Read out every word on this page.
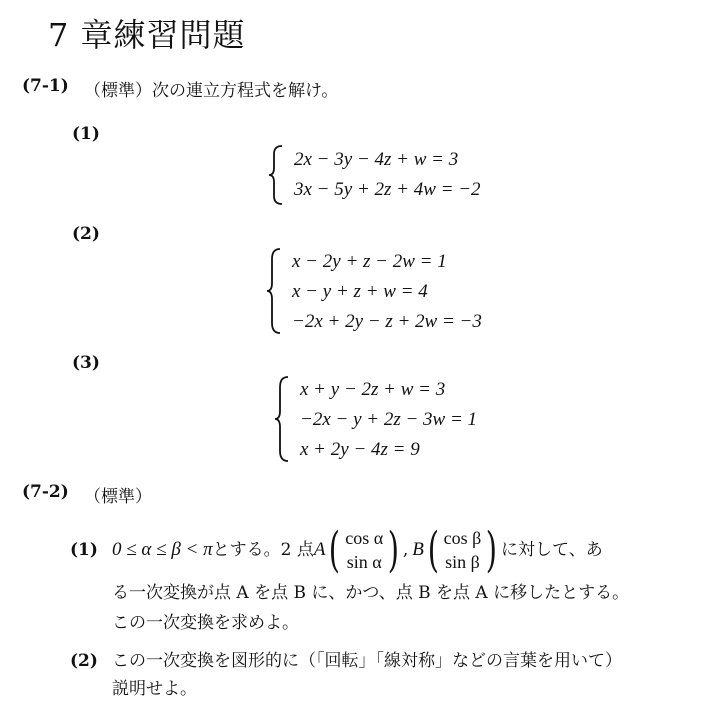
7 章練習問題
(7-1) （標準）次の連立方程式を解け。
(1)
2x − 3y − 4z + w = 3
3x − 5y + 2z + 4w = −2
(2)
x − 2y + z − 2w = 1
x − y + z + w = 4
−2x + 2y − z + 2w = −3
(3)
x + y − 2z + w = 3
−2x − y + 2z − 3w = 1
x + 2y − 4z = 9
(7-2) （標準）
(1) 0 ≤ α ≤ β < π とする。2 点 A ( cos α
sin α ) , B ( cos β
sin β ) に対して、あ
る一次変換が点 A を点 B に、かつ、点 B を点 A に移したとする。
この一次変換を求めよ。
(2) この一次変換を図形的に（「回転」「線対称」などの言葉を用いて）
説明せよ。
